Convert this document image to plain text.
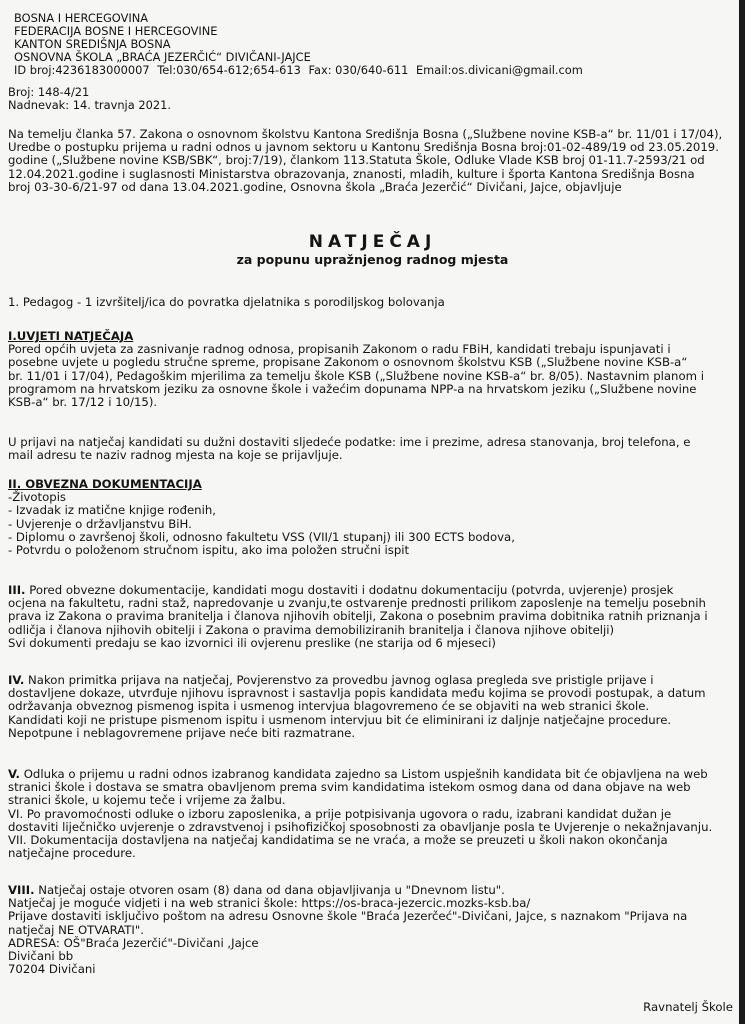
BOSNA I HERCEGOVINA
FEDERACIJA BOSNE I HERCEGOVINE
KANTON SREDIŠNJA BOSNA
OSNOVNA ŠKOLA „BRAĆA JEZERČIĆ“ DIVIČANI-JAJCE
ID broj:4236183000007 Tel:030/654-612;654-613 Fax: 030/640-611 Email:os.divicani@gmail.com
Broj: 148-4/21
Nadnevak: 14. travnja 2021.
Na temelju članka 57. Zakona o osnovnom školstvu Kantona Središnja Bosna („Službene novine KSB-a“ br. 11/01 i 17/04),
Uredbe o postupku prijema u radni odnos u javnom sektoru u Kantonu Središnja Bosna broj:01-02-489/19 od 23.05.2019.
godine („Službene novine KSB/SBK“, broj:7/19), člankom 113.Statuta Škole, Odluke Vlade KSB broj 01-11.7-2593/21 od
12.04.2021.godine i suglasnosti Ministarstva obrazovanja, znanosti, mladih, kulture i športa Kantona Središnja Bosna
broj 03-30-6/21-97 od dana 13.04.2021.godine, Osnovna škola „Braća Jezerčić“ Divičani, Jajce, objavljuje
NATJEČAJ
za popunu upražnjenog radnog mjesta
1. Pedagog - 1 izvršitelj/ica do povratka djelatnika s porodiljskog bolovanja
I.UVJETI NATJEČAJA
Pored općih uvjeta za zasnivanje radnog odnosa, propisanih Zakonom o radu FBiH, kandidati trebaju ispunjavati i
posebne uvjete u pogledu stručne spreme, propisane Zakonom o osnovnom školstvu KSB („Službene novine KSB-a“
br. 11/01 i 17/04), Pedagoškim mjerilima za temelju škole KSB („Službene novine KSB-a“ br. 8/05). Nastavnim planom i
programom na hrvatskom jeziku za osnovne škole i važećim dopunama NPP-a na hrvatskom jeziku („Službene novine
KSB-a“ br. 17/12 i 10/15).
U prijavi na natječaj kandidati su dužni dostaviti sljedeće podatke: ime i prezime, adresa stanovanja, broj telefona, e
mail adresu te naziv radnog mjesta na koje se prijavljuje.
II. OBVEZNA DOKUMENTACIJA
-Životopis
- Izvadak iz matične knjige rođenih,
- Uvjerenje o državljanstvu BiH.
- Diplomu o završenoj školi, odnosno fakultetu VSS (VII/1 stupanj) ili 300 ECTS bodova,
- Potvrdu o položenom stručnom ispitu, ako ima položen stručni ispit
III. Pored obvezne dokumentacije, kandidati mogu dostaviti i dodatnu dokumentaciju (potvrda, uvjerenje) prosjek
ocjena na fakultetu, radni staž, napredovanje u zvanju,te ostvarenje prednosti prilikom zaposlenje na temelju posebnih
prava iz Zakona o pravima branitelja i članova njihovih obitelji, Zakona o posebnim pravima dobitnika ratnih priznanja i
odličja i članova njihovih obitelji i Zakona o pravima demobiliziranih branitelja i članova njihove obitelji)
Svi dokumenti predaju se kao izvornici ili ovjerenu preslike (ne starija od 6 mjeseci)
IV. Nakon primitka prijava na natječaj, Povjerenstvo za provedbu javnog oglasa pregleda sve pristigle prijave i
dostavljene dokaze, utvrđuje njihovu ispravnost i sastavlja popis kandidata među kojima se provodi postupak, a datum
održavanja obveznog pismenog ispita i usmenog intervjua blagovremeno će se objaviti na web stranici škole.
Kandidati koji ne pristupe pismenom ispitu i usmenom intervjuu bit će eliminirani iz daljnje natječajne procedure.
Nepotpune i neblagovremene prijave neće biti razmatrane.
V. Odluka o prijemu u radni odnos izabranog kandidata zajedno sa Listom uspješnih kandidata bit će objavljena na web
stranici škole i dostava se smatra obavljenom prema svim kandidatima istekom osmog dana od dana objave na web
stranici škole, u kojemu teče i vrijeme za žalbu.
VI. Po pravomoćnosti odluke o izboru zaposlenika, a prije potpisivanja ugovora o radu, izabrani kandidat dužan je
dostaviti liječničko uvjerenje o zdravstvenoj i psihofizičkoj sposobnosti za obavljanje posla te Uvjerenje o nekažnjavanju.
VII. Dokumentacija dostavljena na natječaj kandidatima se ne vraća, a može se preuzeti u školi nakon okončanja
natječajne procedure.
VIII. Natječaj ostaje otvoren osam (8) dana od dana objavljivanja u "Dnevnom listu".
Natječaj je moguće vidjeti i na web stranici škole: https://os-braca-jezercic.mozks-ksb.ba/
Prijave dostaviti isključivo poštom na adresu Osnovne škole "Braća Jezerčeć"-Divičani, Jajce, s naznakom "Prijava na
natječaj NE OTVARATI".
ADRESA: OŠ"Braća Jezerčić"-Divičani ,Jajce
Divičani bb
70204 Divičani
Ravnatelj Škole
